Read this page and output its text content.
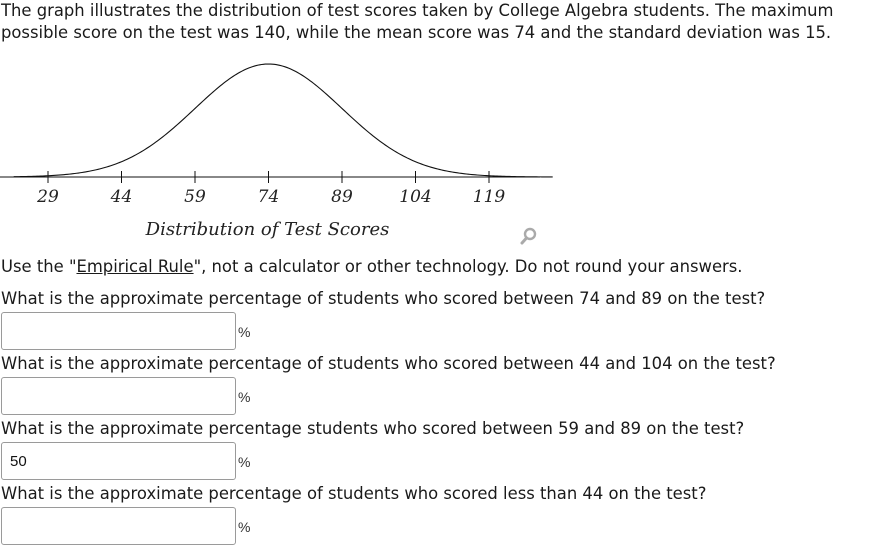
The graph illustrates the distribution of test scores taken by College Algebra students. The maximum possible score on the test was 140, while the mean score was 74 and the standard deviation was 15.

29	44	59	74	89	104 119
Distribution of Test Scores

Use the "Empirical Rule", not a calculator or other technology. Do not round your answers.

What is the approximate percentage of students who scored between 74 and 89 on the test?

%

What is the approximate percentage of students who scored between 44 and 104 on the test?

%

What is the approximate percentage students who scored between 59 and 89 on the test?

50
%

What is the approximate percentage of students who scored less than 44 on the test?

%
